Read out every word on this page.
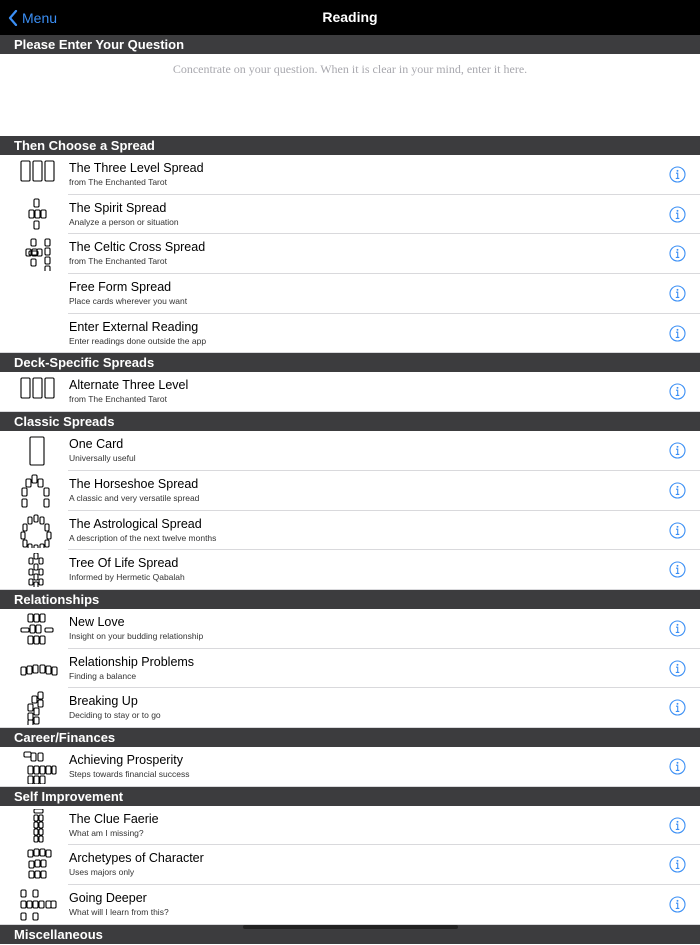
Menu	Reading
Please Enter Your Question
Concentrate on your question. When it is clear in your mind, enter it here.
Then Choose a Spread
The Three Level Spread
from The Enchanted Tarot
The Spirit Spread
Analyze a person or situation
The Celtic Cross Spread
from The Enchanted Tarot
Free Form Spread
Place cards wherever you want
Enter External Reading
Enter readings done outside the app
Deck-Specific Spreads
Alternate Three Level
from The Enchanted Tarot
Classic Spreads
One Card
Universally useful
The Horseshoe Spread
A classic and very versatile spread
The Astrological Spread
A description of the next twelve months
Tree Of Life Spread
Informed by Hermetic Qabalah
Relationships
New Love
Insight on your budding relationship
Relationship Problems
Finding a balance
Breaking Up
Deciding to stay or to go
Career/Finances
Achieving Prosperity
Steps towards financial success
Self Improvement
The Clue Faerie
What am I missing?
Archetypes of Character
Uses majors only
Going Deeper
What will I learn from this?
Miscellaneous
